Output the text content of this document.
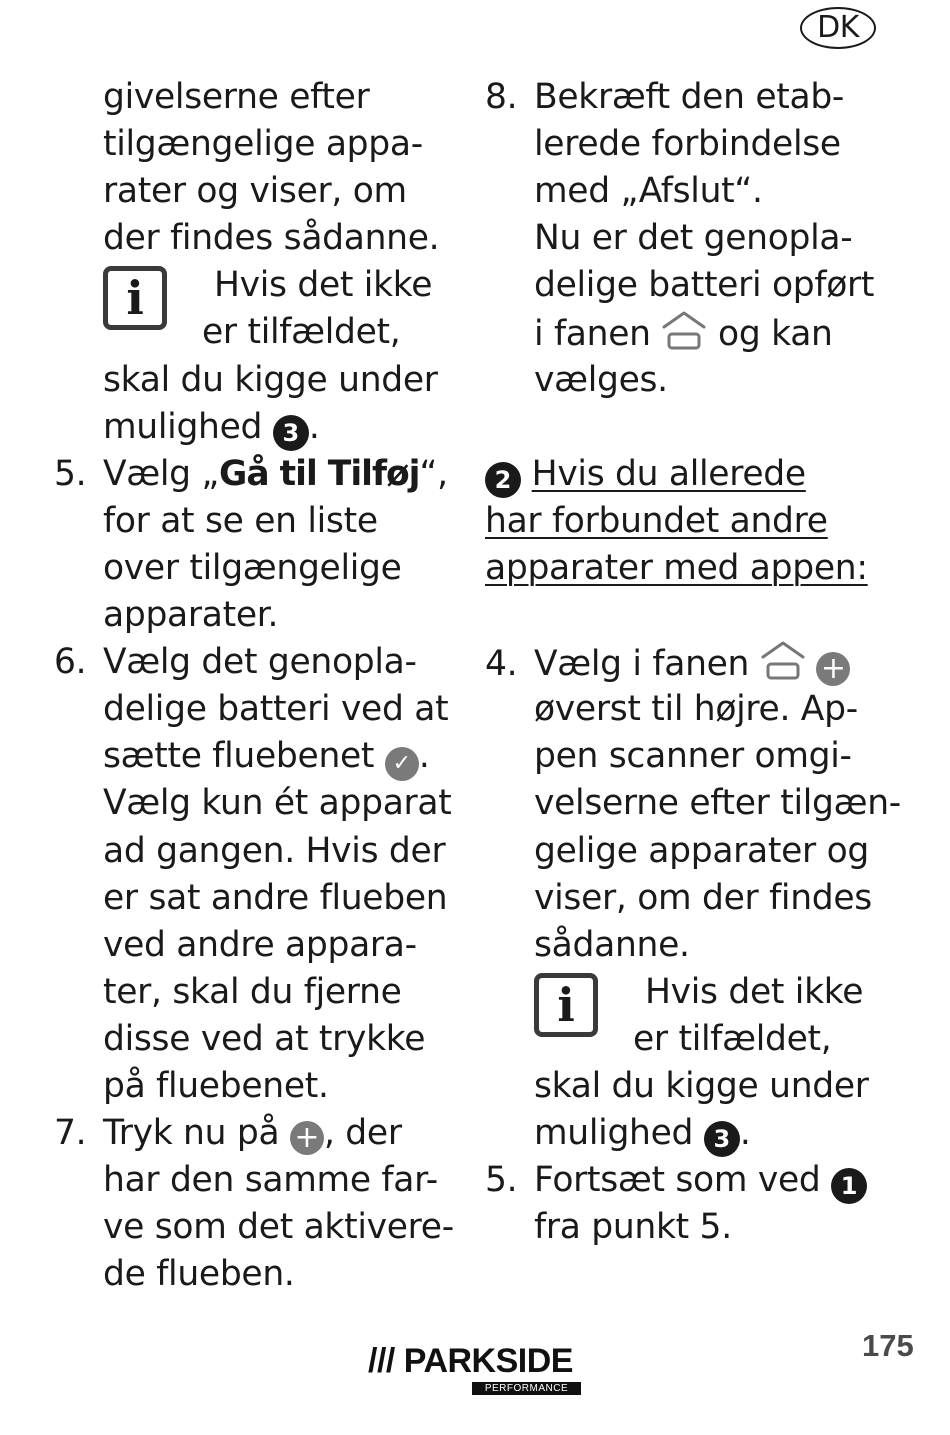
DK
givelserne efter
tilgængelige appa-
rater og viser, om
der findes sådanne.
i	Hvis det ikke
er tilfældet,
skal du kigge under
mulighed 3 .
5. Vælg „Gå til Tilføj“,
for at se en liste
over tilgængelige
apparater.
6. Vælg det genopla-
delige batteri ved at
sætte fluebenet ✓ .
Vælg kun ét apparat
ad gangen. Hvis der
er sat andre flueben
ved andre appara-
ter, skal du fjerne
disse ved at trykke
på fluebenet.
7. Tryk nu på + , der
har den samme far-
ve som det aktivere-
de flueben.
8. Bekræft den etab-
lerede forbindelse
med „Afslut“.
Nu er det genopla-
delige batteri opført
i fanen og kan
vælges.
2 Hvis du allerede
har forbundet andre
apparater med appen:
4. Vælg i fanen +
øverst til højre. Ap-
pen scanner omgi-
velserne efter tilgæn-
gelige apparater og
viser, om der findes
sådanne.
i	Hvis det ikke
er tilfældet,
skal du kigge under
mulighed 3 .
5. Fortsæt som ved 1
fra punkt 5.
/// PARKSIDE
PERFORMANCE
175
